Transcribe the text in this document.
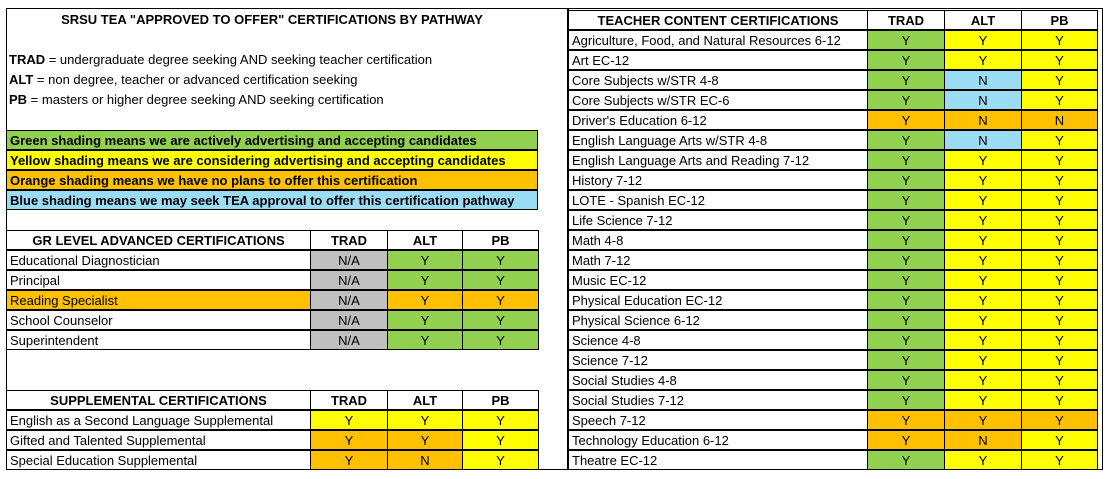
SRSU TEA "APPROVED TO OFFER" CERTIFICATIONS BY PATHWAY
TRAD = undergraduate degree seeking AND seeking teacher certification
ALT = non degree, teacher or advanced certification seeking
PB = masters or higher degree seeking AND seeking certification
Green shading means we are actively advertising and accepting candidates
Yellow shading means we are considering advertising and accepting candidates
Orange shading means we have no plans to offer this certification
Blue shading means we may seek TEA approval to offer this certification pathway
GR LEVEL ADVANCED CERTIFICATIONS	TRAD	ALT	PB
Educational Diagnostician	N/A	Y	Y
Principal	N/A	Y	Y
Reading Specialist	N/A	Y	Y
School Counselor	N/A	Y	Y
Superintendent	N/A	Y	Y
SUPPLEMENTAL CERTIFICATIONS	TRAD	ALT	PB
English as a Second Language Supplemental	Y	Y	Y
Gifted and Talented Supplemental	Y	Y	Y
Special Education Supplemental	Y	N	Y
TEACHER CONTENT CERTIFICATIONS	TRAD	ALT	PB
Agriculture, Food, and Natural Resources 6-12	Y	Y	Y
Art EC-12	Y	Y	Y
Core Subjects w/STR 4-8	Y	N	Y
Core Subjects w/STR EC-6	Y	N	Y
Driver's Education 6-12	Y	N	N
English Language Arts w/STR 4-8	Y	N	Y
English Language Arts and Reading 7-12	Y	Y	Y
History 7-12	Y	Y	Y
LOTE - Spanish EC-12	Y	Y	Y
Life Science 7-12	Y	Y	Y
Math 4-8	Y	Y	Y
Math 7-12	Y	Y	Y
Music EC-12	Y	Y	Y
Physical Education EC-12	Y	Y	Y
Physical Science 6-12	Y	Y	Y
Science 4-8	Y	Y	Y
Science 7-12	Y	Y	Y
Social Studies 4-8	Y	Y	Y
Social Studies 7-12	Y	Y	Y
Speech 7-12	Y	Y	Y
Technology Education 6-12	Y	N	Y
Theatre EC-12	Y	Y	Y
